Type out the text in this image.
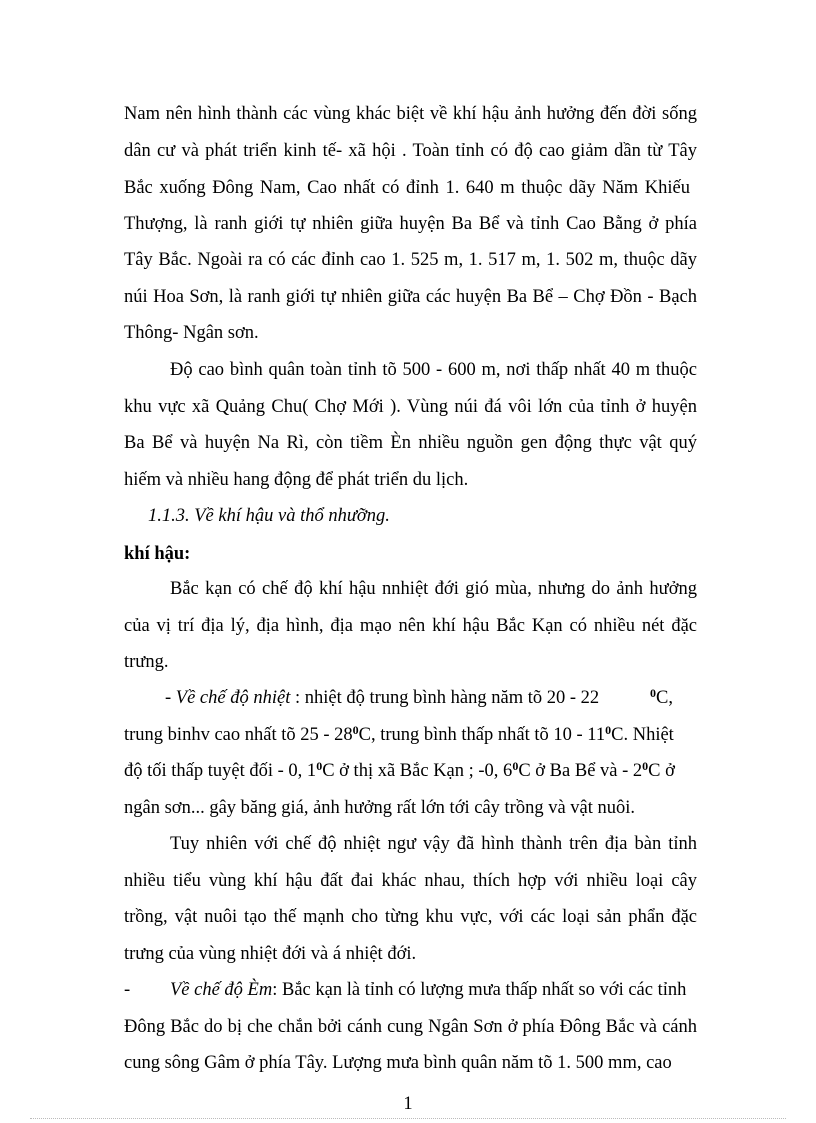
Nam nên hình thành các vùng khác biệt về khí hậu ảnh hưởng đến đời sống
dân cư và phát triển kinh tế- xã hội . Toàn tỉnh có độ cao giảm dần từ Tây
Bắc xuống Đông Nam, Cao nhất có đỉnh 1. 640 m thuộc dãy Năm Khiếu
Thượng, là ranh giới tự nhiên giữa huyện Ba Bể và tỉnh Cao Bằng ở phía
Tây Bắc. Ngoài ra có các đỉnh cao 1. 525 m, 1. 517 m, 1. 502 m, thuộc dãy
núi Hoa Sơn, là ranh giới tự nhiên giữa các huyện Ba Bể – Chợ Đồn - Bạch
Thông- Ngân sơn.
Độ cao bình quân toàn tỉnh tõ 500 - 600 m, nơi thấp nhất 40 m thuộc
khu vực xã Quảng Chu( Chợ Mới ). Vùng núi đá vôi lớn của tỉnh ở huyện
Ba Bể và huyện Na Rì, còn tiềm Èn nhiều nguồn gen động thực vật quý
hiếm và nhiều hang động để phát triển du lịch.
1.1.3. Về khí hậu và thổ nhưỡng.
khí hậu:
Bắc kạn có chế độ khí hậu nnhiệt đới gió mùa, nhưng do ảnh hưởng
của vị trí địa lý, địa hình, địa mạo nên khí hậu Bắc Kạn có nhiều nét đặc
trưng.
- Về chế độ nhiệt : nhiệt độ trung bình hàng năm tõ 20 - 22	$^0$C,
trung binhv cao nhất tõ $25 - 28^0C$, trung bình thấp nhất tõ $10 - 11^0C$. Nhiệt
độ tối thấp tuyệt đối - 0, $1^0C$ ở thị xã Bắc Kạn ; -0, $6^0C$ ở Ba Bể và - $2^0C$ ở
ngân sơn... gây băng giá, ảnh hưởng rất lớn tới cây trồng và vật nuôi.
Tuy nhiên với chế độ nhiệt ngư vậy đã hình thành trên địa bàn tỉnh
nhiều tiểu vùng khí hậu đất đai khác nhau, thích hợp với nhiều loại cây
trồng, vật nuôi tạo thế mạnh cho từng khu vực, với các loại sản phẩn đặc
trưng của vùng nhiệt đới và á nhiệt đới.
- Về chế độ Èm: Bắc kạn là tỉnh có lượng mưa thấp nhất so với các tỉnh
Đông Bắc do bị che chắn bởi cánh cung Ngân Sơn ở phía Đông Bắc và cánh
cung sông Gâm ở phía Tây. Lượng mưa bình quân năm tõ 1. 500 mm, cao
1
